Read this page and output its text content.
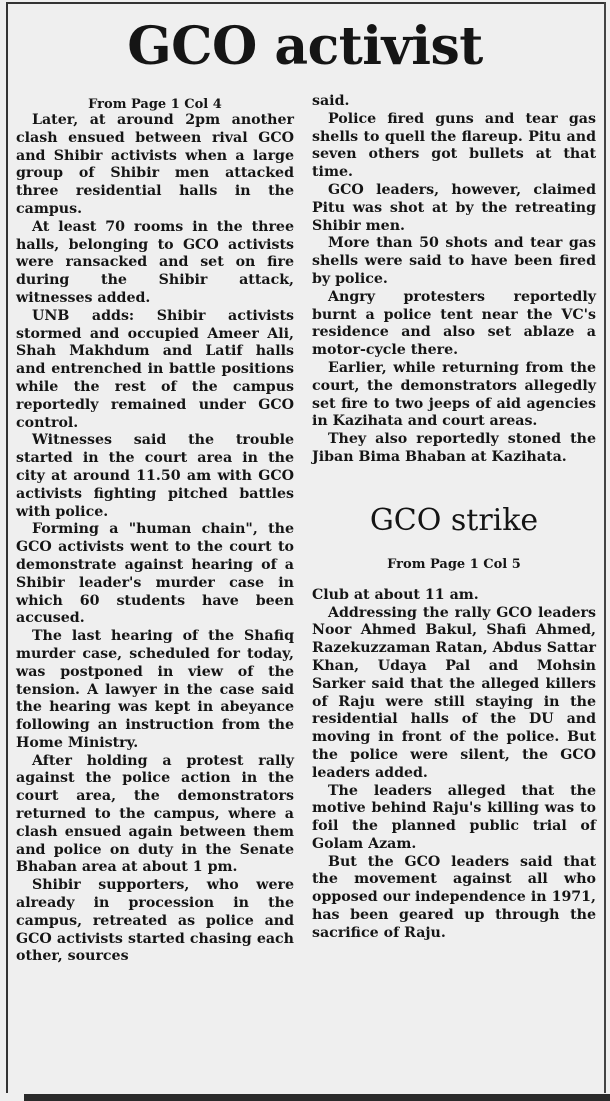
GCO activist
From Page 1 Col 4

Later, at around 2pm another clash ensued between rival GCO and Shibir activists when a large group of Shibir men attacked three residential halls in the campus.

At least 70 rooms in the three halls, belonging to GCO activists were ransacked and set on fire during the Shibir attack, witnesses added.

UNB adds: Shibir activists stormed and occupied Ameer Ali, Shah Makhdum and Latif halls and entrenched in battle positions while the rest of the campus reportedly remained under GCO control.

Witnesses said the trouble started in the court area in the city at around 11.50 am with GCO activists fighting pitched battles with police.

Forming a "human chain", the GCO activists went to the court to demonstrate against hearing of a Shibir leader's murder case in which 60 students have been accused.

The last hearing of the Shafiq murder case, scheduled for today, was postponed in view of the tension. A lawyer in the case said the hearing was kept in abeyance following an instruction from the Home Ministry.

After holding a protest rally against the police action in the court area, the demonstrators returned to the campus, where a clash ensued again between them and police on duty in the Senate Bhaban area at about 1 pm.

Shibir supporters, who were already in procession in the campus, retreated as police and GCO activists started chasing each other, sources

said.

Police fired guns and tear gas shells to quell the flareup. Pitu and seven others got bullets at that time.

GCO leaders, however, claimed Pitu was shot at by the retreating Shibir men.

More than 50 shots and tear gas shells were said to have been fired by police.

Angry protesters reportedly burnt a police tent near the VC's residence and also set ablaze a motor-cycle there.

Earlier, while returning from the court, the demonstrators allegedly set fire to two jeeps of aid agencies in Kazihata and court areas.

They also reportedly stoned the Jiban Bima Bhaban at Kazihata.

GCO strike
From Page 1 Col 5

Club at about 11 am.

Addressing the rally GCO leaders Noor Ahmed Bakul, Shafi Ahmed, Razekuzzaman Ratan, Abdus Sattar Khan, Udaya Pal and Mohsin Sarker said that the alleged killers of Raju were still staying in the residential halls of the DU and moving in front of the police. But the police were silent, the GCO leaders added.

The leaders alleged that the motive behind Raju's killing was to foil the planned public trial of Golam Azam.

But the GCO leaders said that the movement against all who opposed our independence in 1971, has been geared up through the sacrifice of Raju.
